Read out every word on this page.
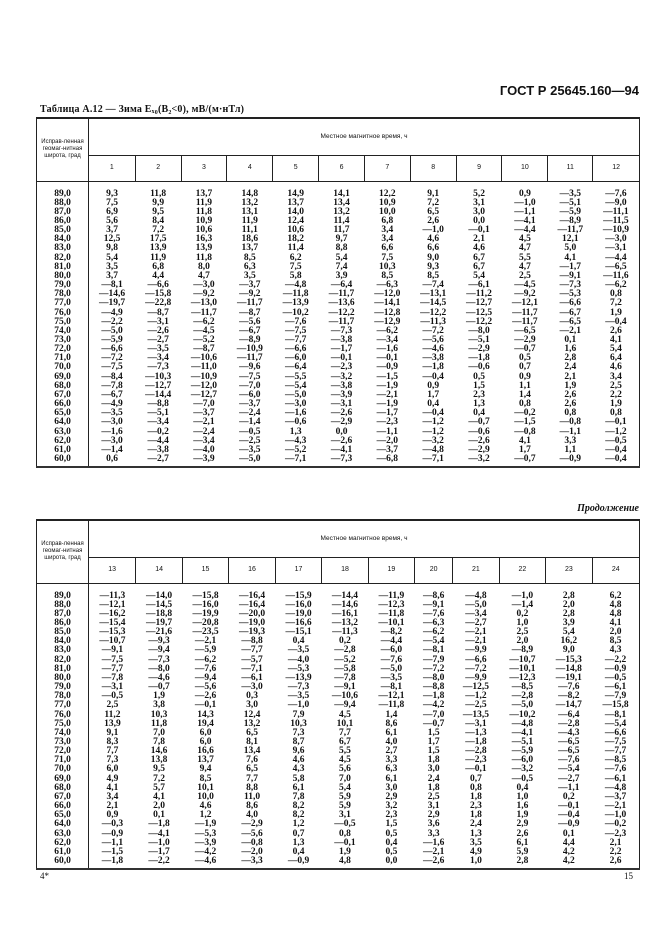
ГОСТ Р 25645.160—94
Таблица А.12 — Зима Eₓ₀(B₂<0), мВ/(м·нТл)
Исправ-ленная геомаг-нитная широта, град	Местное магнитное время, ч											
	1	2	3	4	5	6	7	8	9	10	11	12
89,0	9,3	11,8	13,7	14,8	14,9	14,1	12,2	9,1	5,2	0,9	—3,5	—7,6
88,0	7,5	9,9	11,9	13,2	13,7	13,4	10,9	7,2	3,1	—1,0	—5,1	—9,0
87,0	6,9	9,5	11,8	13,1	14,0	13,2	10,0	6,5	3,0	—1,1	—5,9	—11,1
86,0	5,6	8,4	10,9	11,9	12,4	11,4	6,8	2,6	0,0	—4,1	—8,9	—11,5
85,0	3,7	7,2	10,6	11,1	10,6	11,7	3,4	—1,0	—0,1	—4,4	—11,7	—10,9
84,0	12,5	17,5	16,3	18,6	18,2	9,7	3,4	4,6	2,1	4,5	12,1	—3,0
83,0	9,8	13,9	13,9	13,7	11,4	8,8	6,6	6,6	4,6	4,7	5,0	—3,1
82,0	5,4	11,9	11,8	8,5	6,2	5,4	7,5	9,0	6,7	5,5	4,1	—4,4
81,0	3,5	6,8	8,0	6,3	7,5	7,4	10,3	9,3	6,7	4,7	—1,7	—6,5
80,0	3,7	4,4	4,7	3,5	5,8	3,9	8,5	8,5	5,4	2,5	—9,1	—11,6
79,0	—8,1	—6,6	—3,0	—3,7	—4,8	—6,4	—6,3	—7,4	—6,1	—4,5	—7,3	—6,2
78,0	—14,6	—15,8	—9,2	—9,2	—11,8	—11,7	—12,0	—13,1	—11,2	—9,2	—5,3	0,8
77,0	—19,7	—22,8	—13,0	—11,7	—13,9	—13,6	—14,1	—14,5	—12,7	—12,1	—6,6	7,2
76,0	—4,9	—8,7	—11,7	—8,7	—10,2	—12,2	—12,8	—12,2	—12,5	—11,7	—6,7	1,9
75,0	—2,2	—3,1	—6,2	—5,6	—7,6	—11,7	—12,9	—11,3	—12,2	—11,7	—6,5	—0,4
74,0	—5,0	—2,6	—4,5	—6,7	—7,5	—7,3	—6,2	—7,2	—8,0	—6,5	—2,1	2,6
73,0	—5,9	—2,7	—5,2	—8,9	—7,7	—3,8	—3,4	—5,6	—5,1	—2,9	0,1	4,1
72,0	—6,6	—3,5	—8,7	—10,9	—6,6	—1,7	—1,6	—4,6	—2,9	—0,7	1,6	5,4
71,0	—7,2	—3,4	—10,6	—11,7	—6,0	—0,1	—0,1	—3,8	—1,8	0,5	2,8	6,4
70,0	—7,5	—7,3	—11,0	—9,6	—6,4	—2,3	—0,9	—1,8	—0,6	0,7	2,4	4,6
69,0	—8,4	—10,3	—10,9	—7,5	—5,5	—3,2	—1,5	—0,4	0,5	0,9	2,1	3,4
68,0	—7,8	—12,7	—12,0	—7,0	—5,4	—3,8	—1,9	0,9	1,5	1,1	1,9	2,5
67,0	—6,7	—14,4	—12,7	—6,0	—5,0	—3,9	—2,1	1,7	2,3	1,4	2,6	2,2
66,0	—4,9	—8,8	—7,0	—3,7	—3,0	—3,1	—1,9	0,4	1,3	0,8	2,6	1,9
65,0	—3,5	—5,1	—3,7	—2,4	—1,6	—2,6	—1,7	—0,4	0,4	—0,2	0,8	0,8
64,0	—3,0	—3,4	—2,1	—1,4	—0,6	—2,9	—2,3	—1,2	—0,7	—1,5	—0,8	—0,1
63,0	—1,6	—0,2	—2,4	—0,5	1,3	0,0	—1,1	—1,2	—0,6	—0,8	—1,1	—1,2
62,0	—3,0	—4,4	—3,4	—2,5	—4,3	—2,6	—2,0	—3,2	—2,6	4,1	3,3	—0,5
61,0	—1,4	—3,8	—4,0	—3,5	—5,2	—4,1	—3,7	—4,8	—2,9	1,7	1,1	—0,4
60,0	0,6	—2,7	—3,9	—5,0	—7,1	—7,3	—6,8	—7,1	—3,2	—0,7	—0,9	—0,4
Продолжение
Исправ-ленная геомаг-нитная широта, град	Местное магнитное время, ч											
	13	14	15	16	17	18	19	20	21	22	23	24
89,0	—11,3	—14,0	—15,8	—16,4	—15,9	—14,4	—11,9	—8,6	—4,8	—1,0	2,8	6,2
88,0	—12,1	—14,5	—16,0	—16,4	—16,0	—14,6	—12,3	—9,1	—5,0	—1,4	2,0	4,8
87,0	—16,2	—18,8	—19,9	—20,0	—19,0	—16,1	—11,8	—7,6	—3,4	0,2	2,8	4,8
86,0	—15,4	—19,7	—20,8	—19,0	—16,6	—13,2	—10,1	—6,3	—2,7	1,0	3,9	4,1
85,0	—15,3	—21,6	—23,5	—19,3	—15,1	—11,3	—8,2	—6,2	—2,1	2,5	5,4	2,0
84,0	—10,7	—9,3	—2,1	—8,8	0,4	0,2	—4,4	—5,4	—2,1	2,0	16,2	8,5
83,0	—9,1	—9,4	—5,9	—7,7	—3,5	—2,8	—6,0	—8,1	—9,9	—8,9	9,0	4,3
82,0	—7,5	—7,3	—6,2	—5,7	—4,0	—5,2	—7,6	—7,9	—6,6	—10,7	—15,3	—2,2
81,0	—7,7	—8,0	—7,6	—7,1	—5,3	—5,8	—5,0	—7,2	—7,2	—10,1	—14,8	—0,9
80,0	—7,8	—4,6	—9,4	—6,1	—13,9	—7,8	—3,5	—8,0	—9,9	—12,3	—19,1	—0,5
79,0	—3,1	—0,7	—5,6	—3,0	—7,3	—9,1	—8,1	—8,8	—12,5	—8,5	—7,6	—6,1
78,0	—0,5	1,9	—2,6	0,3	—3,5	—10,6	—12,1	—1,8	—1,2	—2,8	—8,2	—7,9
77,0	2,5	3,8	—0,1	3,0	—1,0	—9,4	—11,8	—4,2	—2,5	—5,0	—14,7	—15,8
76,0	11,2	10,3	14,3	12,4	7,9	4,5	1,4	—7,0	—13,5	—10,2	—6,4	—8,1
75,0	13,9	11,8	19,4	13,2	10,3	10,1	8,6	—0,7	—3,1	—4,8	—2,8	—5,4
74,0	9,1	7,0	6,0	6,5	7,3	7,7	6,1	1,5	—1,3	—4,1	—4,3	—6,6
73,0	8,3	7,8	6,0	8,1	8,7	6,7	4,0	1,7	—1,8	—5,1	—6,5	—7,5
72,0	7,7	14,6	16,6	13,4	9,6	5,5	2,7	1,5	—2,8	—5,9	—6,5	—7,7
71,0	7,3	13,8	13,7	7,6	4,6	4,5	3,3	1,8	—2,3	—6,0	—7,6	—8,5
70,0	6,0	9,5	9,4	6,5	4,3	5,6	6,3	3,0	—0,1	—3,2	—5,4	—7,6
69,0	4,9	7,2	8,5	7,7	5,8	7,0	6,1	2,4	0,7	—0,5	—2,7	—6,1
68,0	4,1	5,7	10,1	8,8	6,1	5,4	3,0	1,8	0,8	0,4	—1,1	—4,8
67,0	3,4	4,1	10,0	11,0	7,8	5,9	2,9	2,5	1,8	1,0	0,2	—3,7
66,0	2,1	2,0	4,6	8,6	8,2	5,9	3,2	3,1	2,3	1,6	—0,1	—2,1
65,0	0,9	0,1	1,2	4,0	8,2	3,1	2,3	2,9	1,8	1,9	—0,4	—1,0
64,0	—0,3	—1,8	—1,9	—2,9	1,2	—0,5	1,5	3,6	2,4	2,9	—0,9	—0,2
63,0	—0,9	—4,1	—5,3	—5,6	0,7	0,8	0,5	3,3	1,3	2,6	0,1	—2,3
62,0	—1,1	—1,0	—3,9	—0,8	1,3	—0,1	0,4	—1,6	3,5	6,1	4,4	2,1
61,0	—1,5	—1,7	—4,2	—2,0	0,4	1,9	0,5	—2,1	4,9	5,9	4,2	2,2
60,0	—1,8	—2,2	—4,6	—3,3	—0,9	4,8	0,0	—2,6	1,0	2,8	4,2	2,6
4*	15
